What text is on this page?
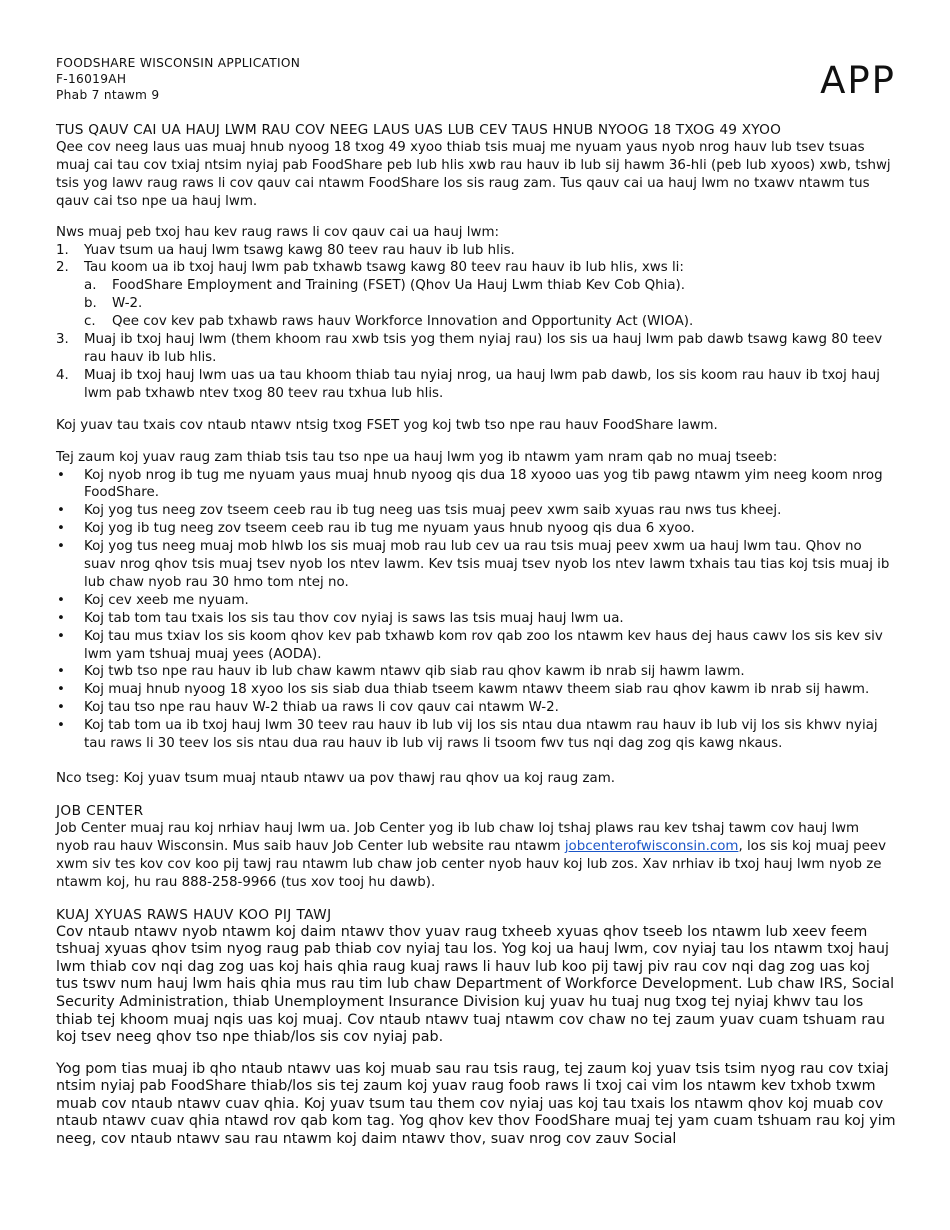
FOODSHARE WISCONSIN APPLICATION
F-16019AH
Phab 7 ntawm 9	APP
TUS QAUV CAI UA HAUJ LWM RAU COV NEEG LAUS UAS LUB CEV TAUS HNUB NYOOG 18 TXOG 49 XYOO

Qee cov neeg laus uas muaj hnub nyoog 18 txog 49 xyoo thiab tsis muaj me nyuam yaus nyob nrog hauv lub tsev tsuas muaj cai tau cov txiaj ntsim nyiaj pab FoodShare peb lub hlis xwb rau hauv ib lub sij hawm 36-hli (peb lub xyoos) xwb, tshwj tsis yog lawv raug raws li cov qauv cai ntawm FoodShare los sis raug zam. Tus qauv cai ua hauj lwm no txawv ntawm tus qauv cai tso npe ua hauj lwm.

Nws muaj peb txoj hau kev raug raws li cov qauv cai ua hauj lwm:

1. Yuav tsum ua hauj lwm tsawg kawg 80 teev rau hauv ib lub hlis.
2. Tau koom ua ib txoj hauj lwm pab txhawb tsawg kawg 80 teev rau hauv ib lub hlis, xws li:
a. FoodShare Employment and Training (FSET) (Qhov Ua Hauj Lwm thiab Kev Cob Qhia).
b. W-2.
c. Qee cov kev pab txhawb raws hauv Workforce Innovation and Opportunity Act (WIOA).
3. Muaj ib txoj hauj lwm (them khoom rau xwb tsis yog them nyiaj rau) los sis ua hauj lwm pab dawb tsawg kawg 80 teev rau hauv ib lub hlis.
4. Muaj ib txoj hauj lwm uas ua tau khoom thiab tau nyiaj nrog, ua hauj lwm pab dawb, los sis koom rau hauv ib txoj hauj lwm pab txhawb ntev txog 80 teev rau txhua lub hlis.

Koj yuav tau txais cov ntaub ntawv ntsig txog FSET yog koj twb tso npe rau hauv FoodShare lawm.

Tej zaum koj yuav raug zam thiab tsis tau tso npe ua hauj lwm yog ib ntawm yam nram qab no muaj tseeb:

• Koj nyob nrog ib tug me nyuam yaus muaj hnub nyoog qis dua 18 xyooo uas yog tib pawg ntawm yim neeg koom nrog FoodShare.
• Koj yog tus neeg zov tseem ceeb rau ib tug neeg uas tsis muaj peev xwm saib xyuas rau nws tus kheej.
• Koj yog ib tug neeg zov tseem ceeb rau ib tug me nyuam yaus hnub nyoog qis dua 6 xyoo.
• Koj yog tus neeg muaj mob hlwb los sis muaj mob rau lub cev ua rau tsis muaj peev xwm ua hauj lwm tau. Qhov no suav nrog qhov tsis muaj tsev nyob los ntev lawm. Kev tsis muaj tsev nyob los ntev lawm txhais tau tias koj tsis muaj ib lub chaw nyob rau 30 hmo tom ntej no.
• Koj cev xeeb me nyuam.
• Koj tab tom tau txais los sis tau thov cov nyiaj is saws las tsis muaj hauj lwm ua.
• Koj tau mus txiav los sis koom qhov kev pab txhawb kom rov qab zoo los ntawm kev haus dej haus cawv los sis kev siv lwm yam tshuaj muaj yees (AODA).
• Koj twb tso npe rau hauv ib lub chaw kawm ntawv qib siab rau qhov kawm ib nrab sij hawm lawm.
• Koj muaj hnub nyoog 18 xyoo los sis siab dua thiab tseem kawm ntawv theem siab rau qhov kawm ib nrab sij hawm.
• Koj tau tso npe rau hauv W-2 thiab ua raws li cov qauv cai ntawm W-2.
• Koj tab tom ua ib txoj hauj lwm 30 teev rau hauv ib lub vij los sis ntau dua ntawm rau hauv ib lub vij los sis khwv nyiaj tau raws li 30 teev los sis ntau dua rau hauv ib lub vij raws li tsoom fwv tus nqi dag zog qis kawg nkaus.

Nco tseg: Koj yuav tsum muaj ntaub ntawv ua pov thawj rau qhov ua koj raug zam.

JOB CENTER

Job Center muaj rau koj nrhiav hauj lwm ua. Job Center yog ib lub chaw loj tshaj plaws rau kev tshaj tawm cov hauj lwm nyob rau hauv Wisconsin. Mus saib hauv Job Center lub website rau ntawm jobcenterofwisconsin.com, los sis koj muaj peev xwm siv tes kov cov koo pij tawj rau ntawm lub chaw job center nyob hauv koj lub zos. Xav nrhiav ib txoj hauj lwm nyob ze ntawm koj, hu rau 888-258-9966 (tus xov tooj hu dawb).

KUAJ XYUAS RAWS HAUV KOO PIJ TAWJ

Cov ntaub ntawv nyob ntawm koj daim ntawv thov yuav raug txheeb xyuas qhov tseeb los ntawm lub xeev feem tshuaj xyuas qhov tsim nyog raug pab thiab cov nyiaj tau los. Yog koj ua hauj lwm, cov nyiaj tau los ntawm txoj hauj lwm thiab cov nqi dag zog uas koj hais qhia raug kuaj raws li hauv lub koo pij tawj piv rau cov nqi dag zog uas koj tus tswv num hauj lwm hais qhia mus rau tim lub chaw Department of Workforce Development. Lub chaw IRS, Social Security Administration, thiab Unemployment Insurance Division kuj yuav hu tuaj nug txog tej nyiaj khwv tau los thiab tej khoom muaj nqis uas koj muaj. Cov ntaub ntawv tuaj ntawm cov chaw no tej zaum yuav cuam tshuam rau koj tsev neeg qhov tso npe thiab/los sis cov nyiaj pab.

Yog pom tias muaj ib qho ntaub ntawv uas koj muab sau rau tsis raug, tej zaum koj yuav tsis tsim nyog rau cov txiaj ntsim nyiaj pab FoodShare thiab/los sis tej zaum koj yuav raug foob raws li txoj cai vim los ntawm kev txhob txwm muab cov ntaub ntawv cuav qhia. Koj yuav tsum tau them cov nyiaj uas koj tau txais los ntawm qhov koj muab cov ntaub ntawv cuav qhia ntawd rov qab kom tag. Yog qhov kev thov FoodShare muaj tej yam cuam tshuam rau koj yim neeg, cov ntaub ntawv sau rau ntawm koj daim ntawv thov, suav nrog cov zauv Social
